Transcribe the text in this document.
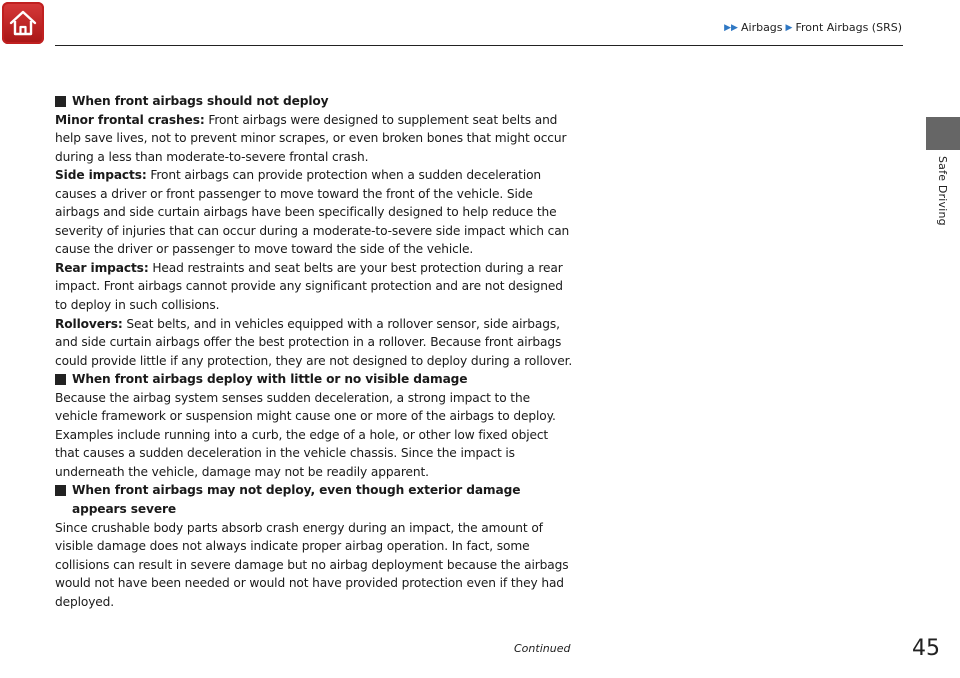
▶▶ Airbags ▶ Front Airbags (SRS)
Safe Driving

When front airbags should not deploy

Minor frontal crashes: Front airbags were designed to supplement seat belts and help save lives, not to prevent minor scrapes, or even broken bones that might occur during a less than moderate-to-severe frontal crash.

Side impacts: Front airbags can provide protection when a sudden deceleration causes a driver or front passenger to move toward the front of the vehicle. Side airbags and side curtain airbags have been specifically designed to help reduce the severity of injuries that can occur during a moderate-to-severe side impact which can cause the driver or passenger to move toward the side of the vehicle.

Rear impacts: Head restraints and seat belts are your best protection during a rear impact. Front airbags cannot provide any significant protection and are not designed to deploy in such collisions.

Rollovers: Seat belts, and in vehicles equipped with a rollover sensor, side airbags, and side curtain airbags offer the best protection in a rollover. Because front airbags could provide little if any protection, they are not designed to deploy during a rollover.

When front airbags deploy with little or no visible damage

Because the airbag system senses sudden deceleration, a strong impact to the vehicle framework or suspension might cause one or more of the airbags to deploy. Examples include running into a curb, the edge of a hole, or other low fixed object that causes a sudden deceleration in the vehicle chassis. Since the impact is underneath the vehicle, damage may not be readily apparent.

When front airbags may not deploy, even though exterior damage appears severe

Since crushable body parts absorb crash energy during an impact, the amount of visible damage does not always indicate proper airbag operation. In fact, some collisions can result in severe damage but no airbag deployment because the airbags would not have been needed or would not have provided protection even if they had deployed.

Continued	45
